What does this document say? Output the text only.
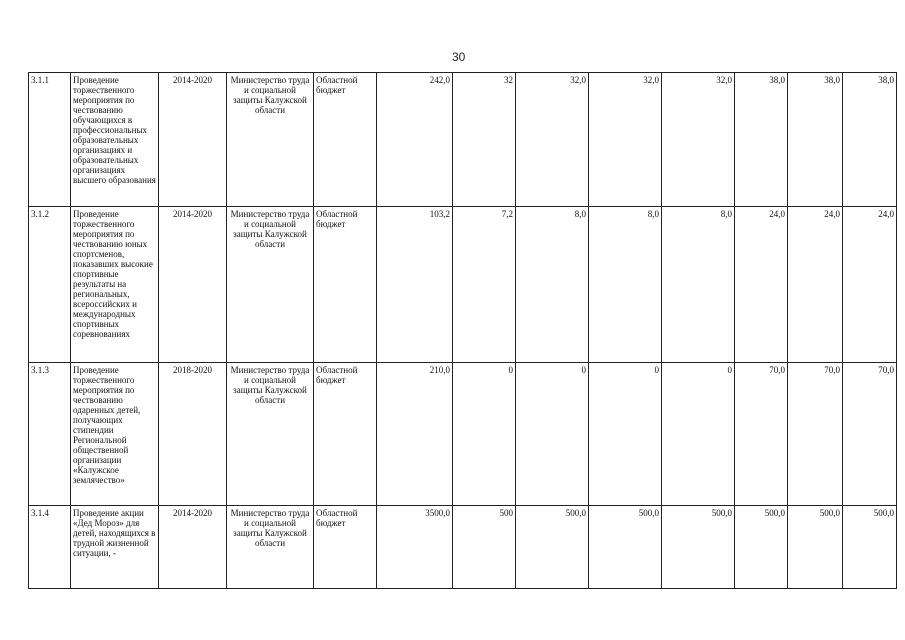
30
3.1.1	Проведение торжественного мероприятия по чествованию обучающихся в профессиональных образовательных организациях и образовательных организациях высшего образования	2014-2020	Министерство труда и социальной защиты Калужской области	Областной бюджет	242,0	32	32,0	32,0	32,0	38,0	38,0	38,0
3.1.2	Проведение торжественного мероприятия по чествованию юных спортсменов, показавших высокие спортивные результаты на региональных, всероссийских и международных спортивных соревнованиях	2014-2020	Министерство труда и социальной защиты Калужской области	Областной бюджет	103,2	7,2	8,0	8,0	8,0	24,0	24,0	24,0
3.1.3	Проведение торжественного мероприятия по чествованию одаренных детей, получающих стипендии Региональной общественной организации «Калужское землячество»	2018-2020	Министерство труда и социальной защиты Калужской области	Областной бюджет	210,0	0	0	0	0	70,0	70,0	70,0
3.1.4	Проведение акции «Дед Мороз» для детей, находящихся в трудной жизненной ситуации, -	2014-2020	Министерство труда и социальной защиты Калужской области	Областной бюджет	3500,0	500	500,0	500,0	500,0	500,0	500,0	500,0
